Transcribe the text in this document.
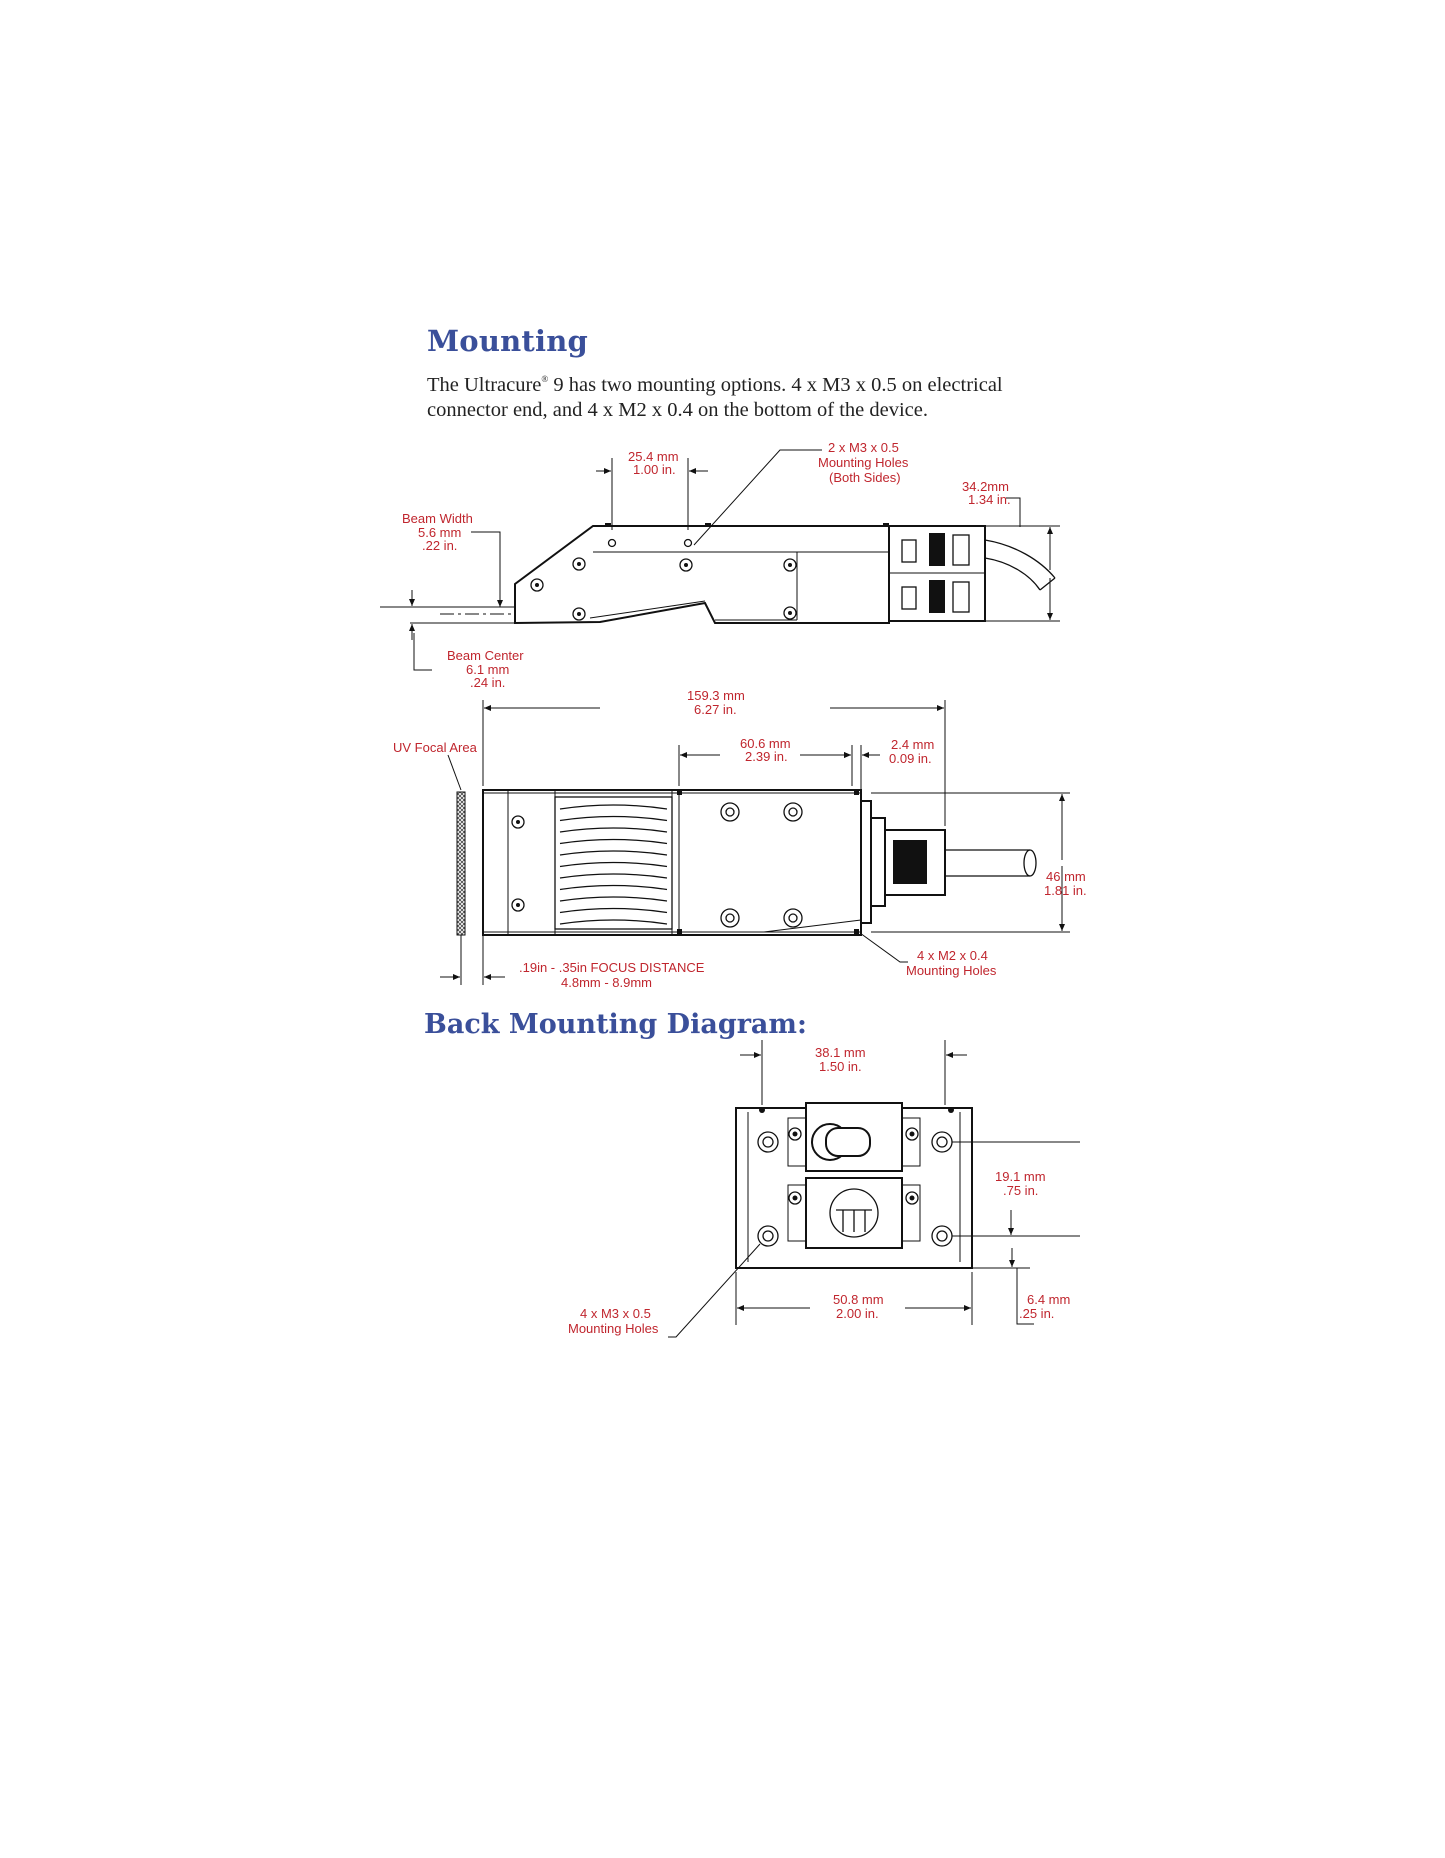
Mounting

The Ultracure® 9 has two mounting options. 4 x M3 x 0.5 on electrical connector end, and 4 x M2 x 0.4 on the bottom of the device.

Back Mounting Diagram:
25.4 mm
1.00 in.
2 x M3 x 0.5
Mounting Holes
(Both Sides)
34.2mm
1.34 in.
Beam Width
5.6 mm
.22 in.
Beam Center
6.1 mm
.24 in.
159.3 mm
6.27 in.
60.6 mm
2.39 in.
2.4 mm
0.09 in.
UV Focal Area
46 mm
1.81 in.
.19in - .35in FOCUS DISTANCE
4.8mm - 8.9mm
4 x M2 x 0.4
Mounting Holes
38.1 mm
1.50 in.
19.1 mm
.75 in.
50.8 mm
2.00 in.
6.4 mm
.25 in.
4 x M3 x 0.5
Mounting Holes
